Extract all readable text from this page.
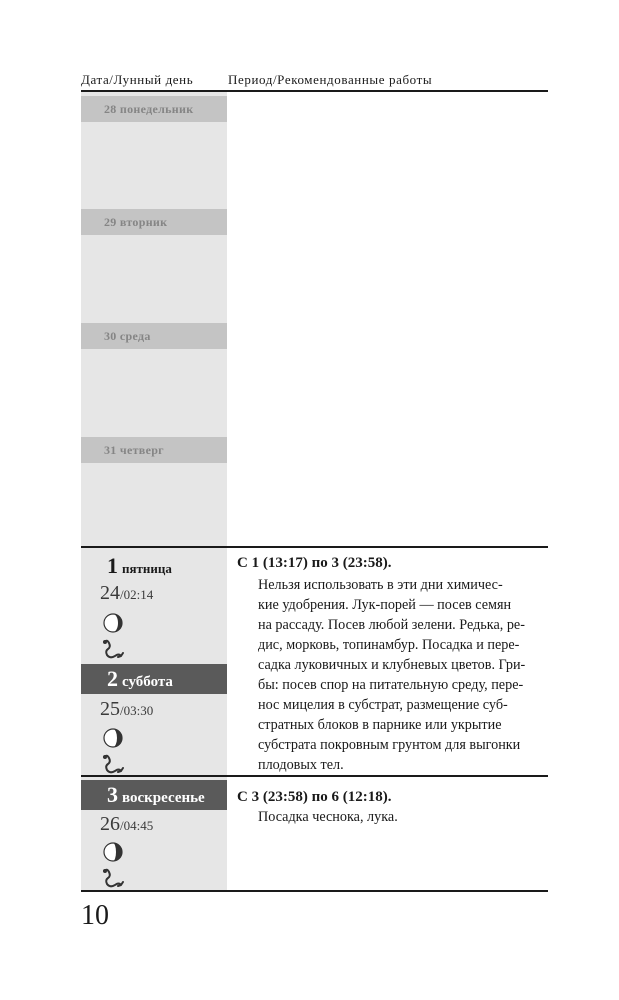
Дата/Лунный день	Период/Рекомендованные работы
28 понедельник
29 вторник
30 среда
31 четверг
1 пятница
24/02:14
2 суббота
25/03:30
3 воскресенье
26/04:45
С 1 (13:17) по 3 (23:58).
Нельзя использовать в эти дни химичес-
кие удобрения. Лук-порей — посев семян
на рассаду. Посев любой зелени. Редька, ре-
дис, морковь, топинамбур. Посадка и пере-
садка луковичных и клубневых цветов. Гри-
бы: посев спор на питательную среду, пере-
нос мицелия в субстрат, размещение суб-
стратных блоков в парнике или укрытие
субстрата покровным грунтом для выгонки
плодовых тел.
С 3 (23:58) по 6 (12:18).
Посадка чеснока, лука.
10
